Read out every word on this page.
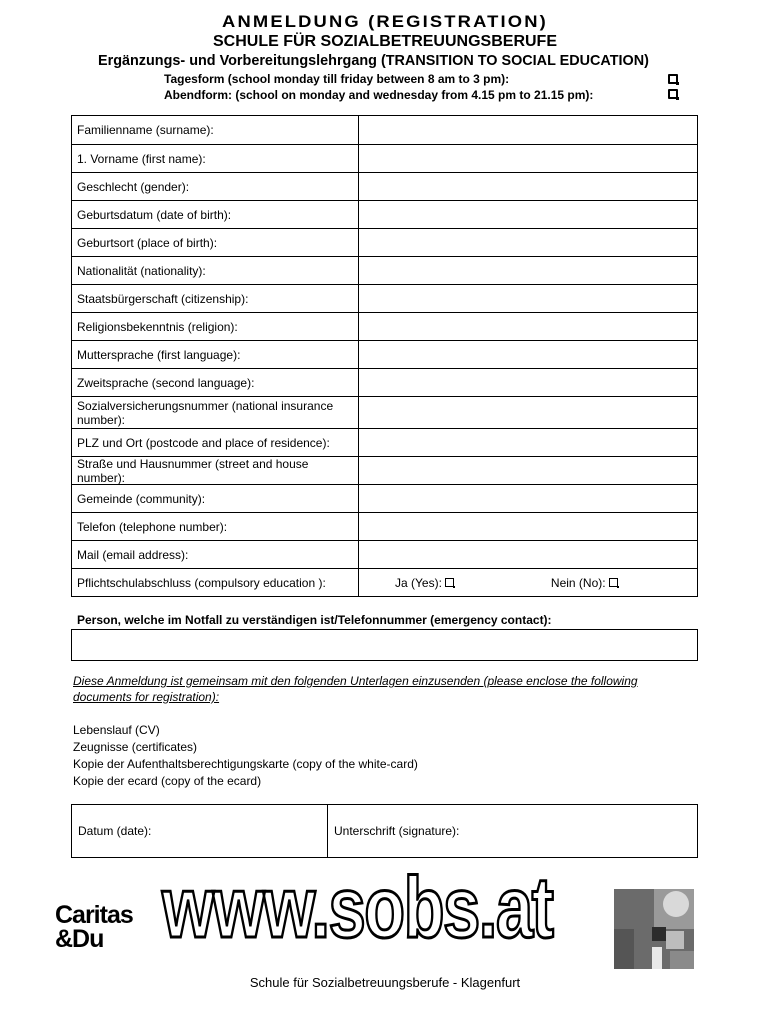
ANMELDUNG (REGISTRATION)
SCHULE FÜR SOZIALBETREUUNGSBERUFE
Ergänzungs- und Vorbereitungslehrgang (TRANSITION TO SOCIAL EDUCATION)
Tagesform (school monday till friday between 8 am to 3 pm):
Abendform: (school on monday and wednesday from 4.15 pm to 21.15 pm):
Familienname (surname):
1. Vorname (first name):
Geschlecht (gender):
Geburtsdatum (date of birth):
Geburtsort (place of birth):
Nationalität (nationality):
Staatsbürgerschaft (citizenship):
Religionsbekenntnis (religion):
Muttersprache (first language):
Zweitsprache (second language):
Sozialversicherungsnummer (national insurance number):
PLZ und Ort (postcode and place of residence):
Straße und Hausnummer (street and house number):
Gemeinde (community):
Telefon (telephone number):
Mail (email address):
Pflichtschulabschluss (compulsory education ):	Ja (Yes):	Nein (No):
Person, welche im Notfall zu verständigen ist/Telefonnummer (emergency contact):
Diese Anmeldung ist gemeinsam mit den folgenden Unterlagen einzusenden (please enclose the following documents for registration):
Lebenslauf (CV)
Zeugnisse (certificates)
Kopie der Aufenthaltsberechtigungskarte (copy of the white-card)
Kopie der ecard (copy of the ecard)
Datum (date):	Unterschrift (signature):
Caritas
&Du www.sobs.at
Schule für Sozialbetreuungsberufe - Klagenfurt
